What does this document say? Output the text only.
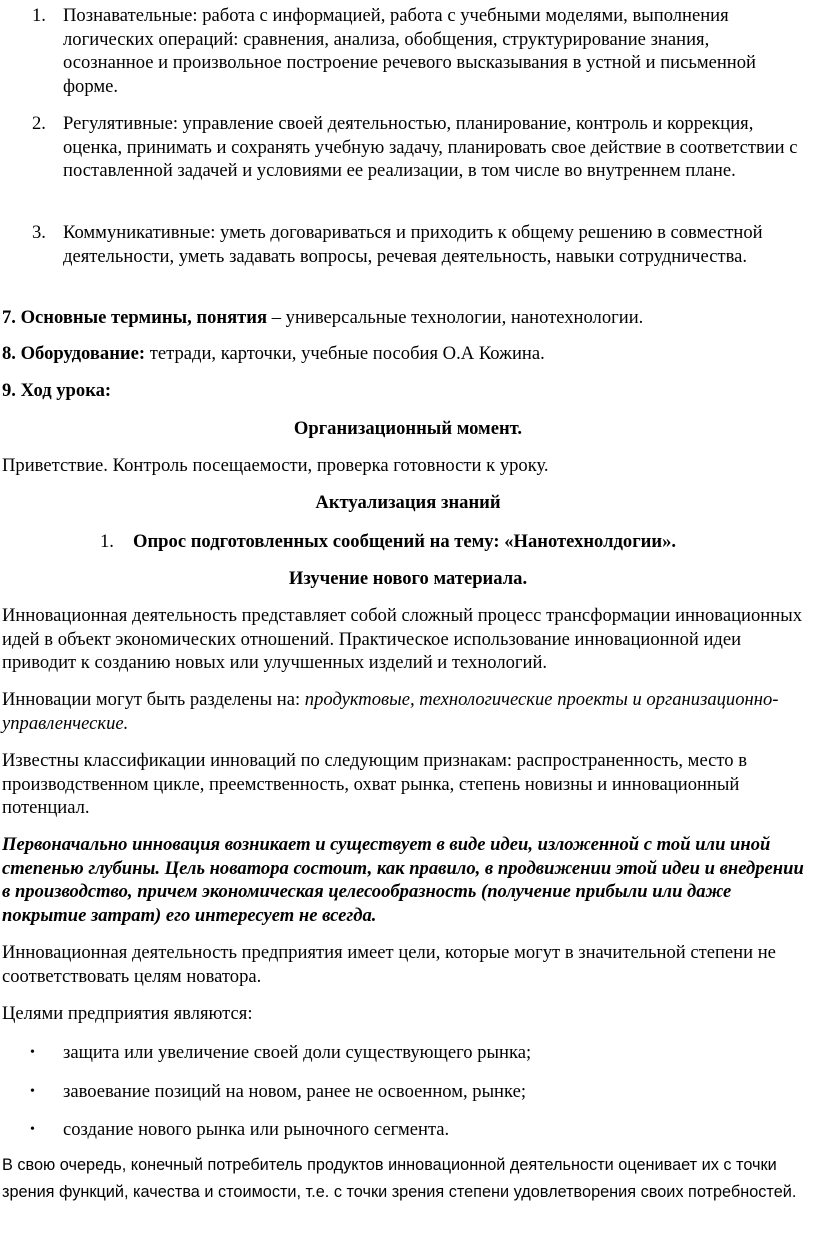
1. Познавательные: работа с информацией, работа с учебными моделями, выполнения логических операций: сравнения, анализа, обобщения, структурирование знания, осознанное и произвольное построение речевого высказывания в устной и письменной форме.
2. Регулятивные: управление своей деятельностью, планирование, контроль и коррекция, оценка, принимать и сохранять учебную задачу, планировать свое действие в соответствии с поставленной задачей и условиями ее реализации, в том числе во внутреннем плане.
3. Коммуникативные: уметь договариваться и приходить к общему решению в совместной деятельности, уметь задавать вопросы, речевая деятельность, навыки сотрудничества.
7. Основные термины, понятия – универсальные технологии, нанотехнологии.
8. Оборудование: тетради, карточки, учебные пособия О.А Кожина.
9. Ход урока:
Организационный момент.
Приветствие. Контроль посещаемости, проверка готовности к уроку.
Актуализация знаний
1. Опрос подготовленных сообщений на тему: «Нанотехнолдогии».
Изучение нового материала.
Инновационная деятельность представляет собой сложный процесс трансформации инновационных идей в объект экономических отношений. Практическое использование инновационной идеи приводит к созданию новых или улучшенных изделий и технологий.
Инновации могут быть разделены на: продуктовые, технологические проекты и организационно-управленческие.
Известны классификации инноваций по следующим признакам: распространенность, место в производственном цикле, преемственность, охват рынка, степень новизны и инновационный потенциал.
Первоначально инновация возникает и существует в виде идеи, изложенной с той или иной степенью глубины. Цель новатора состоит, как правило, в продвижении этой идеи и внедрении в производство, причем экономическая целесообразность (получение прибыли или даже покрытие затрат) его интересует не всегда.
Инновационная деятельность предприятия имеет цели, которые могут в значительной степени не соответствовать целям новатора.
Целями предприятия являются:
•	защита или увеличение своей доли существующего рынка;
•	завоевание позиций на новом, ранее не освоенном, рынке;
•	создание нового рынка или рыночного сегмента.
В свою очередь, конечный потребитель продуктов инновационной деятельности оценивает их с точки зрения функций, качества и стоимости, т.е. с точки зрения степени удовлетворения своих потребностей.
